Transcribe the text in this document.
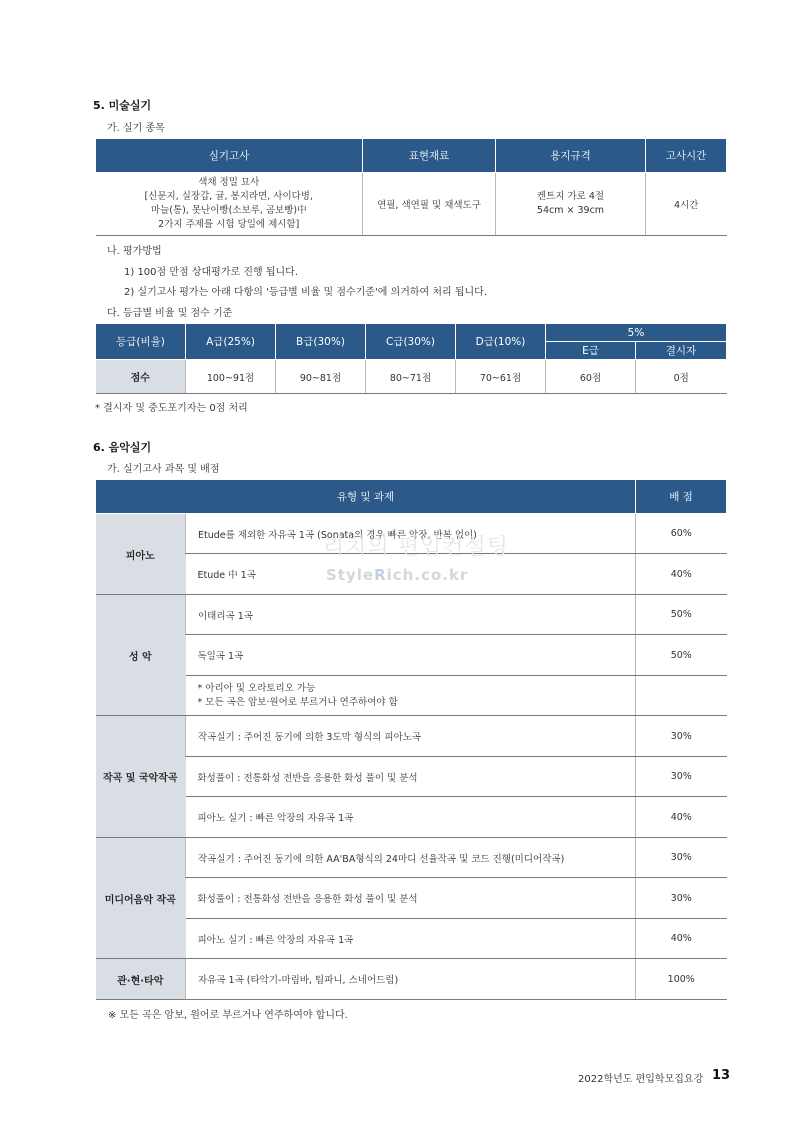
5. 미술실기
가. 실기 종목
실기고사	표현재료	용지규격	고사시간
색채 정밀 묘사
[신문지, 실장갑, 귤, 봉지라면, 사이다병,
마늘(통), 못난이빵(소보루, 곰보빵)中
2가지 주제를 시험 당일에 제시함]	연필, 색연필 및 채색도구	켄트지 가로 4절
54cm × 39cm	4시간
나. 평가방법
1) 100점 만점 상대평가로 진행 됩니다.
2) 실기고사 평가는 아래 다항의 '등급별 비율 및 점수기준'에 의거하여 처리 됩니다.
다. 등급별 비율 및 점수 기준
등급(비율)	A급(25%)	B급(30%)	C급(30%)	D급(10%)	5%	
					E급	결시자
점수	100~91점	90~81점	80~71점	70~61점	60점	0점
* 결시자 및 중도포기자는 0점 처리
6. 음악실기
가. 실기고사 과목 및 배점
유형 및 과제		배 점
피아노	Etude를 제외한 자유곡 1곡 (Sonata의 경우 빠른 악장, 반복 없이)	60%
	Etude 中 1곡	40%
성 악	이태리곡 1곡	50%
	독일곡 1곡	50%
	* 아리아 및 오라토리오 가능
* 모든 곡은 암보·원어로 부르거나 연주하여야 함	
작곡 및 국악작곡	작곡실기 : 주어진 동기에 의한 3도막 형식의 피아노곡	30%
	화성풀이 : 전통화성 전반을 응용한 화성 풀이 및 분석	30%
	피아노 실기 : 빠른 악장의 자유곡 1곡	40%
미디어음악 작곡	작곡실기 : 주어진 동기에 의한 AA'BA형식의 24마디 선율작곡 및 코드 진행(미디어작곡)	30%
	화성풀이 : 전통화성 전반을 응용한 화성 풀이 및 분석	30%
	피아노 실기 : 빠른 악장의 자유곡 1곡	40%
관·현·타악	자유곡 1곡 (타악기-마림바, 팀파니, 스네어드럼)	100%
※ 모든 곡은 암보, 원어로 부르거나 연주하여야 합니다.
리치의 편입컨설팅
StyleRich.co.kr
2022학년도 편입학모집요강 13
